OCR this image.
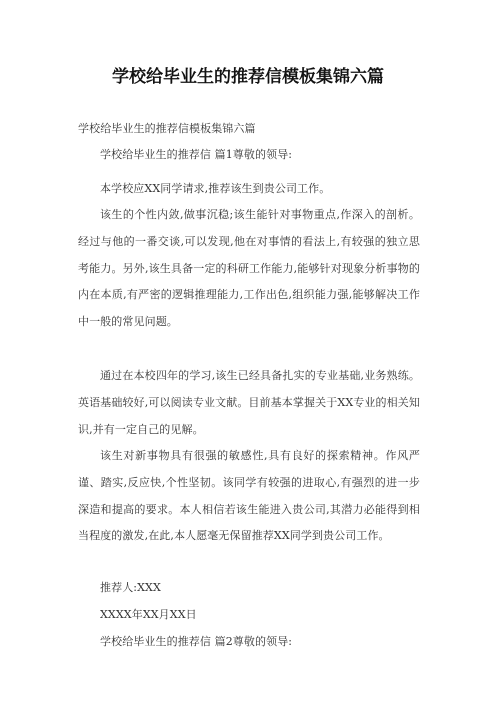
学校给毕业生的推荐信模板集锦六篇
学校给毕业生的推荐信模板集锦六篇
学校给毕业生的推荐信 篇1尊敬的领导:
本学校应XX同学请求,推荐该生到贵公司工作。
该生的个性内敛,做事沉稳;该生能针对事物重点,作深入的剖析。经过与他的一番交谈,可以发现,他在对事情的看法上,有较强的独立思考能力。另外,该生具备一定的科研工作能力,能够针对现象分析事物的内在本质,有严密的逻辑推理能力,工作出色,组织能力强,能够解决工作中一般的常见问题。
通过在本校四年的学习,该生已经具备扎实的专业基础,业务熟练。英语基础较好,可以阅读专业文献。目前基本掌握关于XX专业的相关知识,并有一定自己的见解。
该生对新事物具有很强的敏感性,具有良好的探索精神。作风严谨、踏实,反应快,个性坚韧。该同学有较强的进取心,有强烈的进一步深造和提高的要求。本人相信若该生能进入贵公司,其潜力必能得到相当程度的激发,在此,本人愿毫无保留推荐XX同学到贵公司工作。
推荐人:XXX
XXXX年XX月XX日
学校给毕业生的推荐信 篇2尊敬的领导:
